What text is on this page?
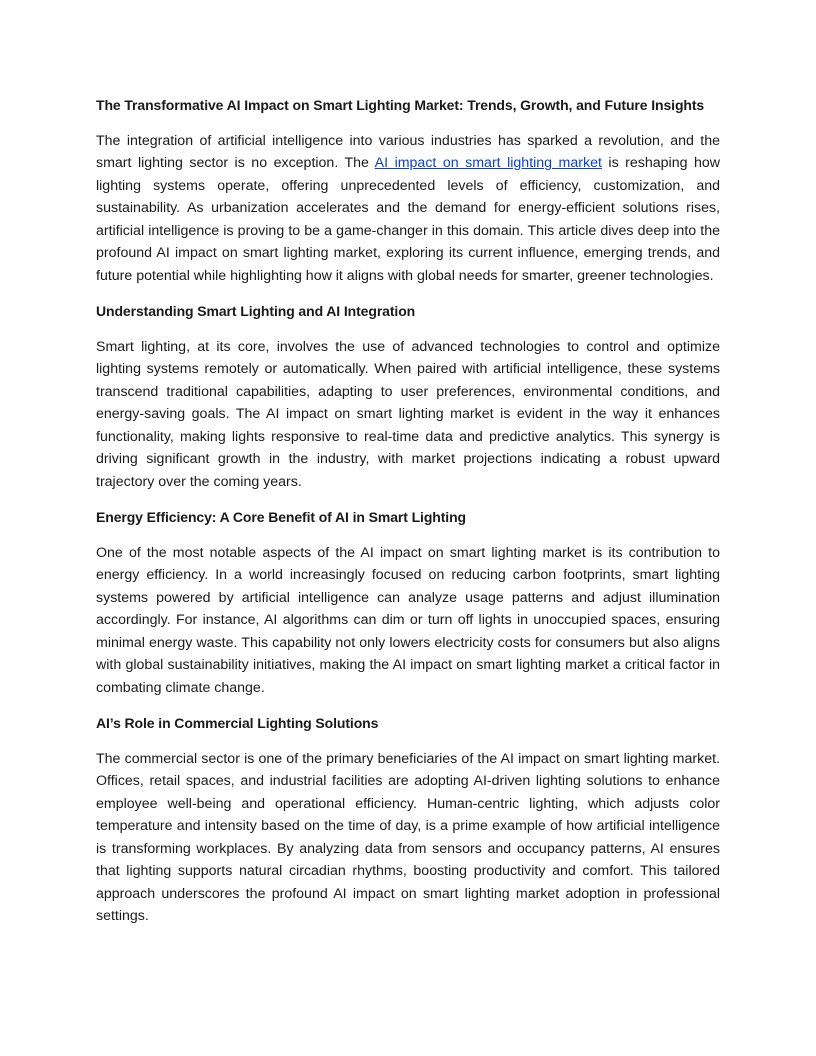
The Transformative AI Impact on Smart Lighting Market: Trends, Growth, and Future Insights

The integration of artificial intelligence into various industries has sparked a revolution, and the smart lighting sector is no exception. The AI impact on smart lighting market is reshaping how lighting systems operate, offering unprecedented levels of efficiency, customization, and sustainability. As urbanization accelerates and the demand for energy-efficient solutions rises, artificial intelligence is proving to be a game-changer in this domain. This article dives deep into the profound AI impact on smart lighting market, exploring its current influence, emerging trends, and future potential while highlighting how it aligns with global needs for smarter, greener technologies.

Understanding Smart Lighting and AI Integration

Smart lighting, at its core, involves the use of advanced technologies to control and optimize lighting systems remotely or automatically. When paired with artificial intelligence, these systems transcend traditional capabilities, adapting to user preferences, environmental conditions, and energy-saving goals. The AI impact on smart lighting market is evident in the way it enhances functionality, making lights responsive to real-time data and predictive analytics. This synergy is driving significant growth in the industry, with market projections indicating a robust upward trajectory over the coming years.

Energy Efficiency: A Core Benefit of AI in Smart Lighting

One of the most notable aspects of the AI impact on smart lighting market is its contribution to energy efficiency. In a world increasingly focused on reducing carbon footprints, smart lighting systems powered by artificial intelligence can analyze usage patterns and adjust illumination accordingly. For instance, AI algorithms can dim or turn off lights in unoccupied spaces, ensuring minimal energy waste. This capability not only lowers electricity costs for consumers but also aligns with global sustainability initiatives, making the AI impact on smart lighting market a critical factor in combating climate change.

AI’s Role in Commercial Lighting Solutions

The commercial sector is one of the primary beneficiaries of the AI impact on smart lighting market. Offices, retail spaces, and industrial facilities are adopting AI-driven lighting solutions to enhance employee well-being and operational efficiency. Human-centric lighting, which adjusts color temperature and intensity based on the time of day, is a prime example of how artificial intelligence is transforming workplaces. By analyzing data from sensors and occupancy patterns, AI ensures that lighting supports natural circadian rhythms, boosting productivity and comfort. This tailored approach underscores the profound AI impact on smart lighting market adoption in professional settings.
